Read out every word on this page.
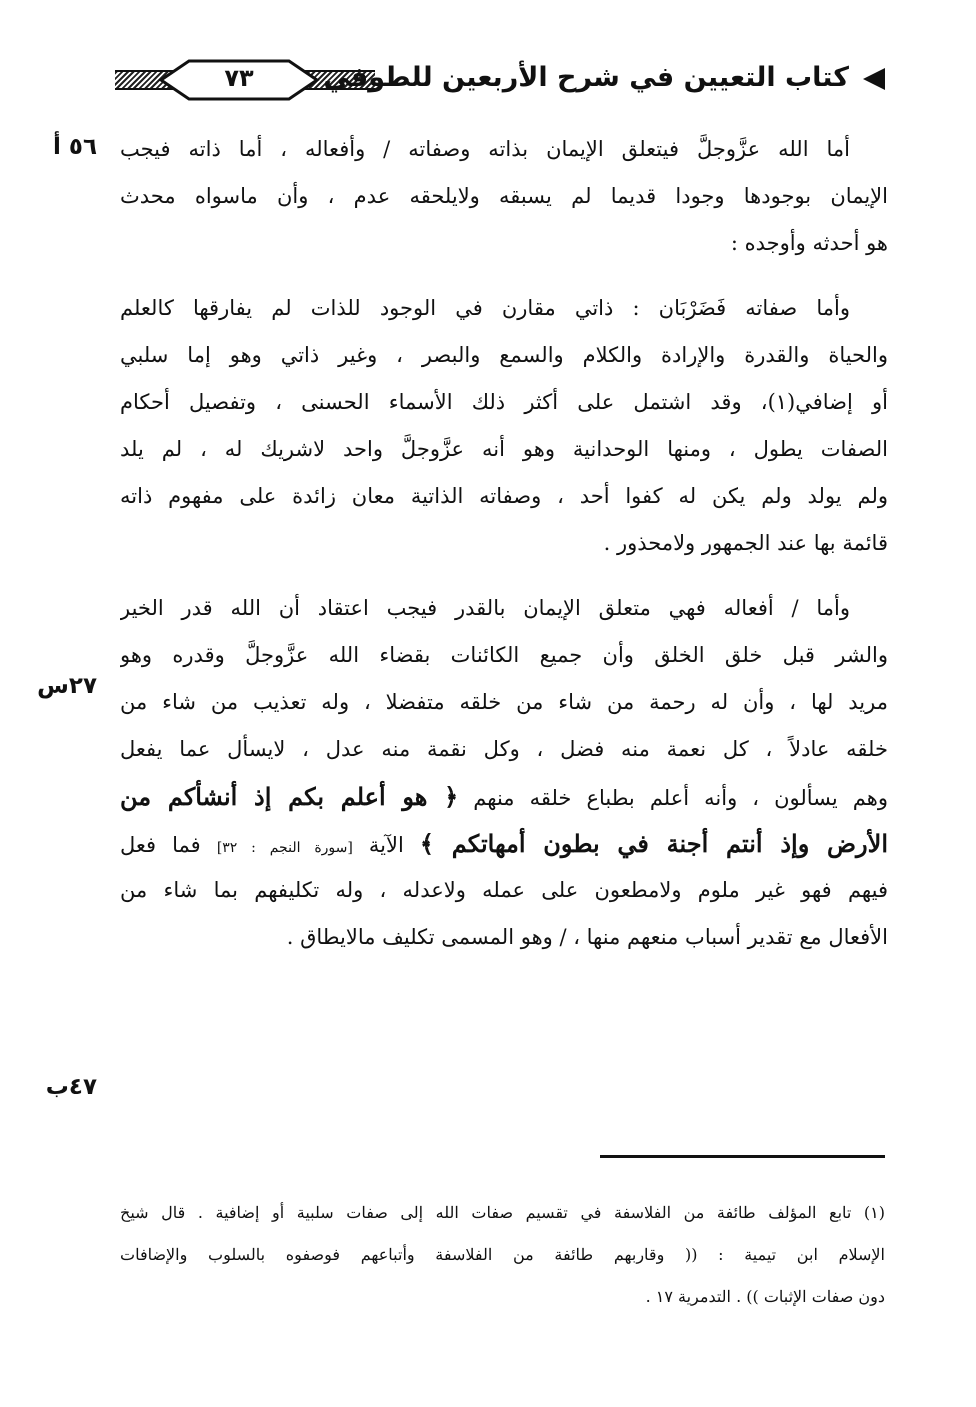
٧٣	كتاب التعيين في شرح الأربعين للطوفي
٥٦ أ
٢٧س
٤٧ب
أما الله عزَّوجلَّ فيتعلق الإيمان بذاته وصفاته / وأفعاله ، أما ذاته فيجب
الإيمان بوجودها وجودا قديما لم يسبقه ولايلحقه عدم ، وأن ماسواه محدث
هو أحدثه وأوجده :
وأما صفاته فَضَرْبَان : ذاتي مقارن في الوجود للذات لم يفارقها كالعلم
والحياة والقدرة والإرادة والكلام والسمع والبصر ، وغير ذاتي وهو إما سلبي
أو إضافي(١)، وقد اشتمل على أكثر ذلك الأسماء الحسنى ، وتفصيل أحكام
الصفات يطول ، ومنها الوحدانية وهو أنه عزَّوجلَّ واحد لاشريك له ، لم يلد
ولم يولد ولم يكن له كفوا أحد ، وصفاته الذاتية معان زائدة على مفهوم ذاته
قائمة بها عند الجمهور ولامحذور .
وأما / أفعاله فهي متعلق الإيمان بالقدر فيجب اعتقاد أن الله قدر الخير
والشر قبل خلق الخلق وأن جميع الكائنات بقضاء الله عزَّوجلَّ وقدره وهو
مريد لها ، وأن له رحمة من شاء من خلقه متفضلا ، وله تعذيب من شاء من
خلقه عادلاً ، كل نعمة منه فضل ، وكل نقمة منه عدل ، لايسأل عما يفعل
وهم يسألون ، وأنه أعلم بطباع خلقه منهم ﴿ هو أعلم بكم إذ أنشأكم من
الأرض وإذ أنتم أجنة في بطون أمهاتكم ﴾ الآية [سورة النجم : ٣٢] فما فعل
فيهم فهو غير ملوم ولامطعون على عمله ولاعدله ، وله تكليفهم بما شاء من
الأفعال مع تقدير أسباب منعهم منها ، / وهو المسمى تكليف مالايطاق .
(١) تابع المؤلف طائفة من الفلاسفة في تقسيم صفات الله إلى صفات سلبية أو إضافية . قال شيخ
الإسلام ابن تيمية : (( وقاربهم طائفة من الفلاسفة وأتباعهم فوصفوه بالسلوب والإضافات
دون صفات الإثبات )) . التدمرية ١٧ .
